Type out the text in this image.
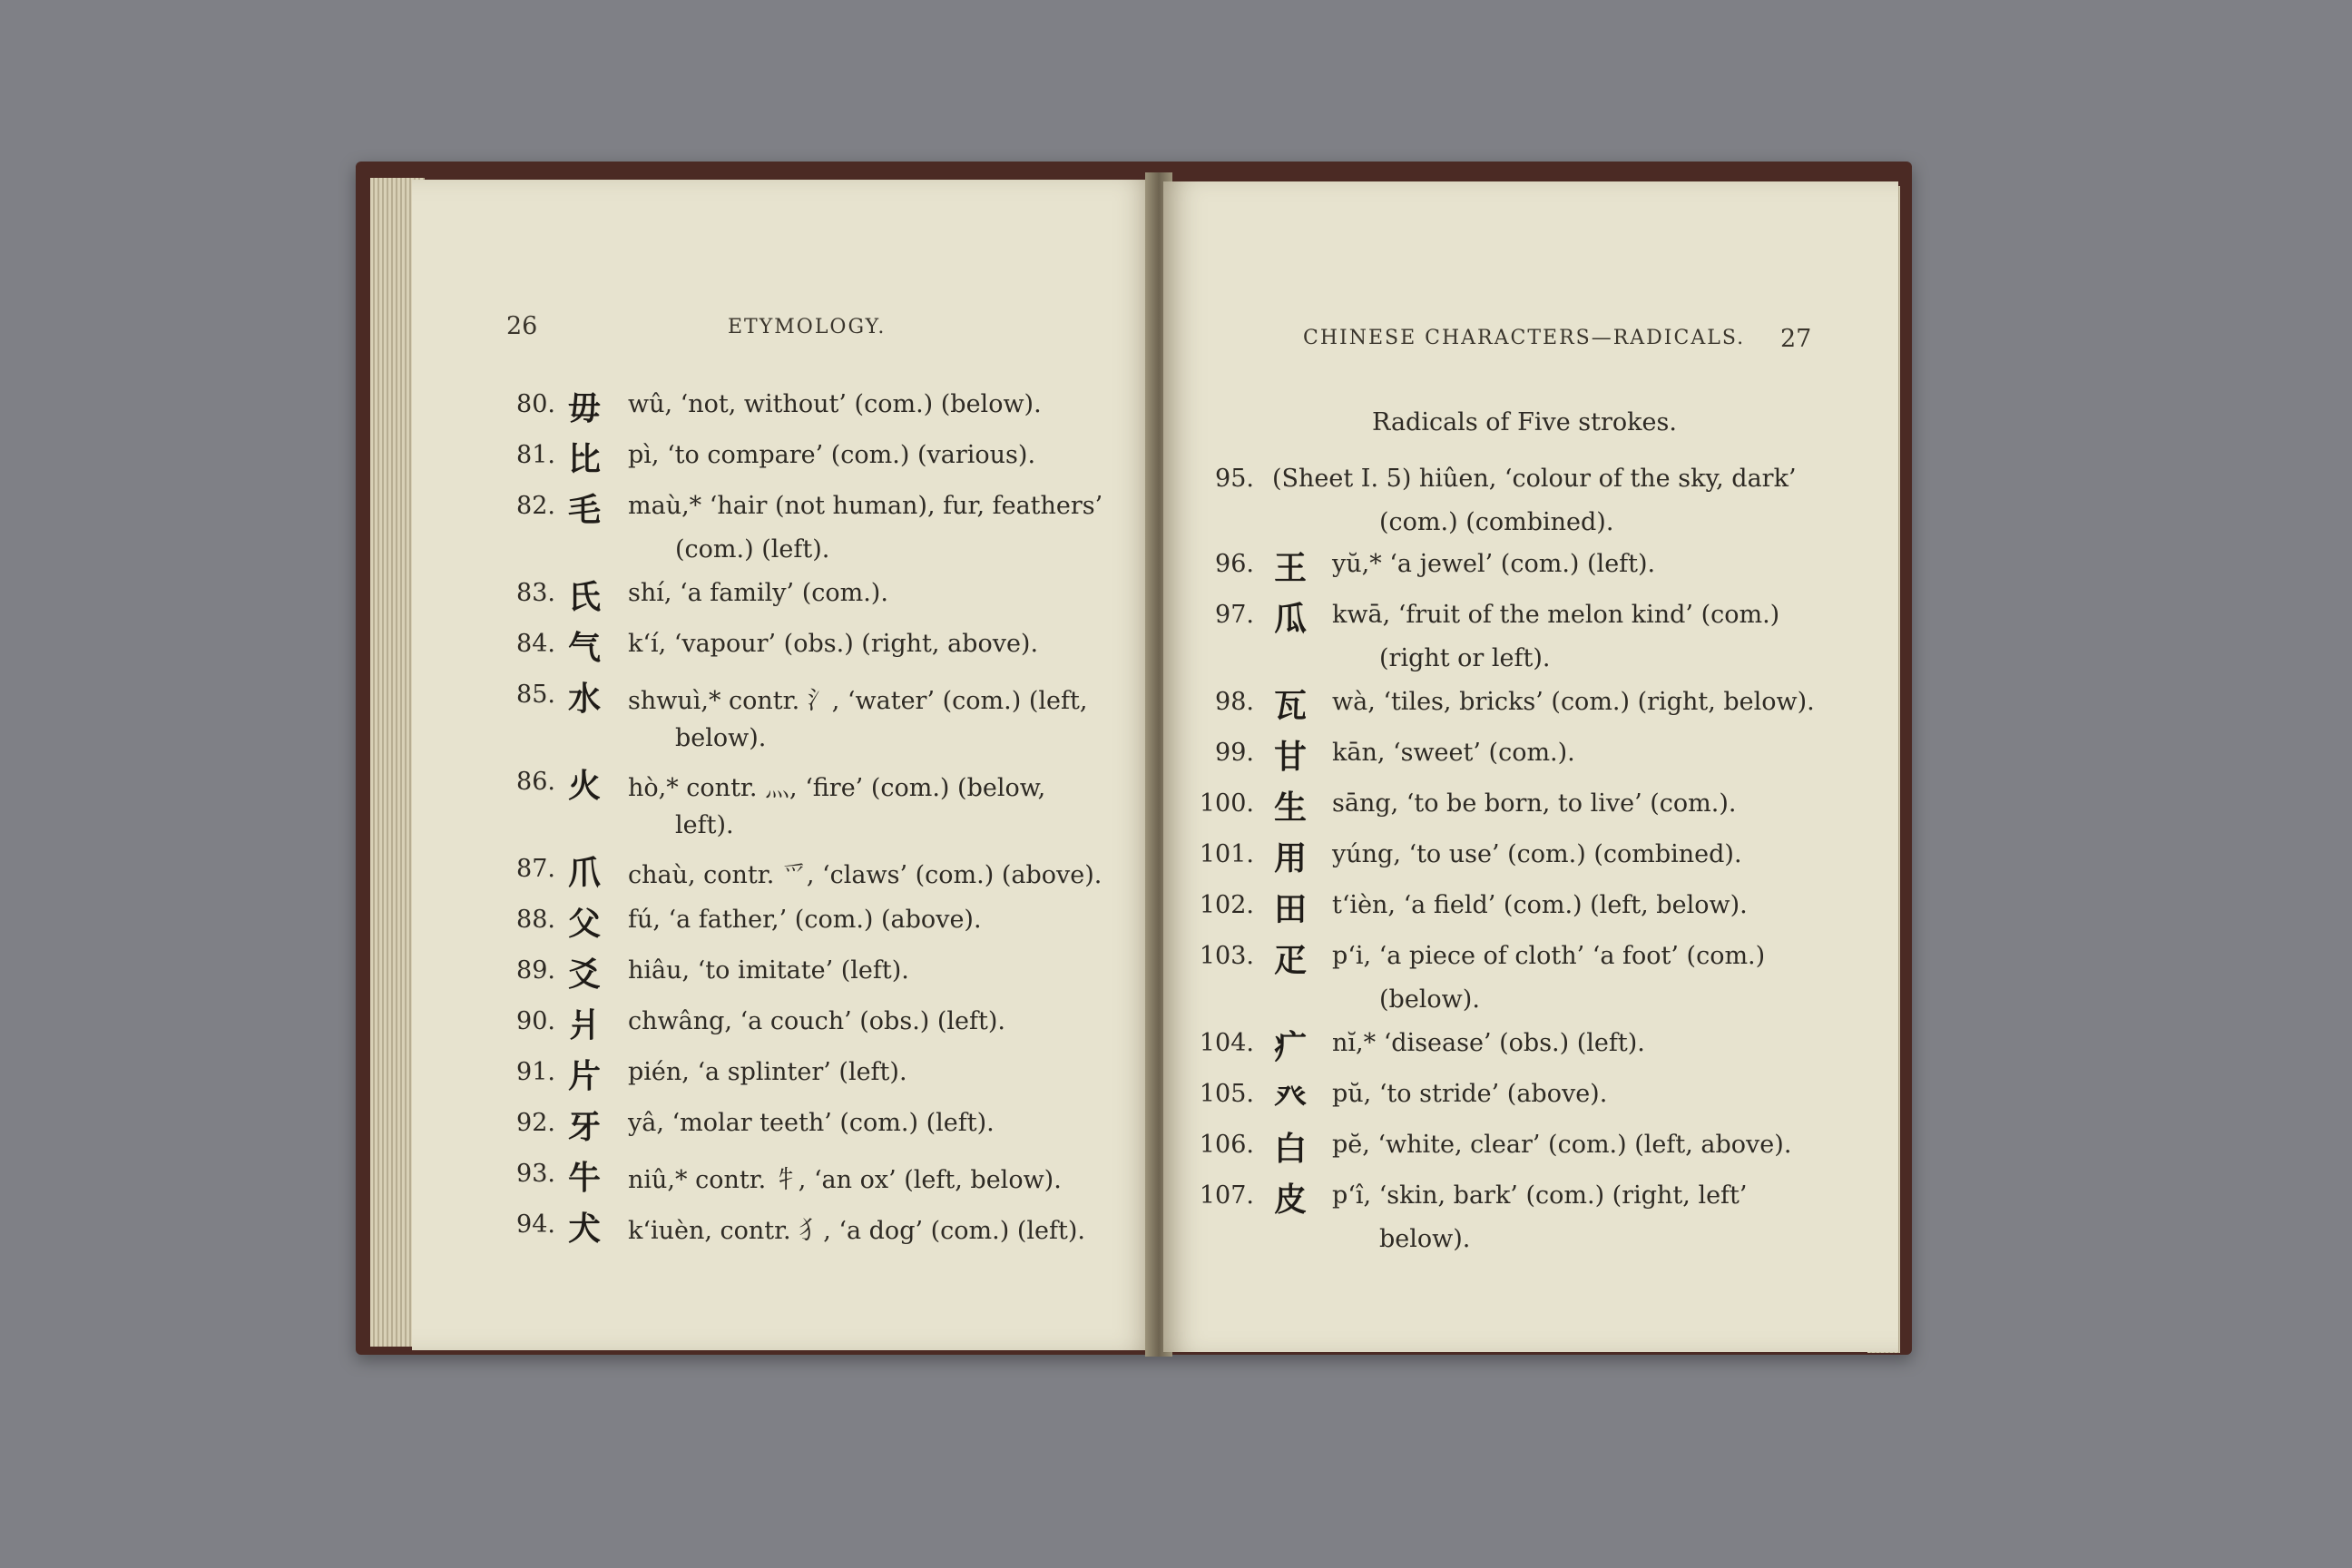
26	ETYMOLOGY.
80. 毋 wû, ‘not, without’ (com.) (below).
81. 比 pì, ‘to compare’ (com.) (various).
82. 毛 maù,* ‘hair (not human), fur, feathers’
(com.) (left).
83. 氏 shí, ‘a family’ (com.).
84. 气 k‘í, ‘vapour’ (obs.) (right, above).
85. 水 shwuì,* contr. 氵, ‘water’ (com.) (left,
below).
86. 火 hò,* contr. 灬, ‘fire’ (com.) (below,
left).
87. 爪 chaù, contr. 爫, ‘claws’ (com.) (above).
88. 父 fú, ‘a father,’ (com.) (above).
89. 爻 hiâu, ‘to imitate’ (left).
90. 爿 chwâng, ‘a couch’ (obs.) (left).
91. 片 pién, ‘a splinter’ (left).
92. 牙 yâ, ‘molar teeth’ (com.) (left).
93. 牛 niû,* contr. 牜, ‘an ox’ (left, below).
94. 犬 k‘iuèn, contr. 犭, ‘a dog’ (com.) (left).
CHINESE CHARACTERS—RADICALS. 27
Radicals of Five strokes.
95. (Sheet I. 5) hiûen, ‘colour of the sky, dark’
(com.) (combined).
96. 王 yŭ,* ‘a jewel’ (com.) (left).
97. 瓜 kwā, ‘fruit of the melon kind’ (com.)
(right or left).
98. 瓦 wà, ‘tiles, bricks’ (com.) (right, below).
99. 甘 kān, ‘sweet’ (com.).
100. 生 sāng, ‘to be born, to live’ (com.).
101. 用 yúng, ‘to use’ (com.) (combined).
102. 田 t‘ièn, ‘a field’ (com.) (left, below).
103. 疋 p‘i, ‘a piece of cloth’ ‘a foot’ (com.)
(below).
104. 疒 nĭ,* ‘disease’ (obs.) (left).
105. 癶 pŭ, ‘to stride’ (above).
106. 白 pĕ, ‘white, clear’ (com.) (left, above).
107. 皮 p‘î, ‘skin, bark’ (com.) (right, left’
below).
